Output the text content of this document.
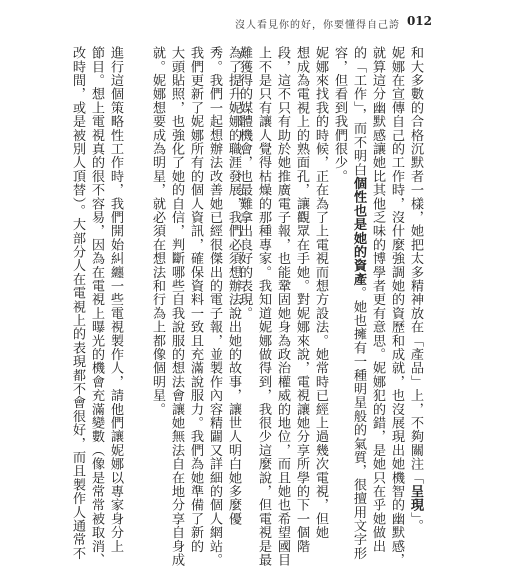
沒人看見你的好，你要懂得自己誇 012
和大多數的合格沉默者一樣，她把太多精神放在「產品」上，不夠關注「呈現」。
妮娜在宣傳自己的工作時，沒什麼強調她的資歷和成就，也沒展現出她機智的幽默感，
就算這分幽默感讓她比其他乏味的博學者更有意思。妮娜犯的錯，是她只在乎她做出
的「工作」，而不明白個性也是她的資產。她也擁有一種明星般的氣質，很擅用文字形
容，但看到我們很少。
妮娜來找我的時候，正在為了上電視而想方設法。她常時已經上過幾次電視，但她
想成為電視上的熟面孔，讓觀眾在手她。對妮娜來說，電視讓她分享所學的下一個階
段，這不只有助於她推廣電子報，也能鞏固她身為政治權威的地位，而且她也希望國目
上不是只有讓人覺得枯燥的那種專家。我知道妮娜做得到，我很少這麼說，但電視是最
難獲得的媒體機會，也最難拿出良好的表現。
為了提升妮娜的職涯發展，我們必須想辦法說出她的故事，讓世人明白她多麼優
秀。我們一起想辦法改善她已經很傑出的電子報，並製作內容精闢又詳細的個人網站。
我們更新了妮娜所有的個人資訊，確保資料一致且充滿說服力。我們為她準備了新的
大頭貼照，也強化了她的自信，判斷哪些自我說服的想法會讓她無法自在地分享自身成
就。妮娜想要成為明星，就必須在想法和行為上都像個明星。
進行這個策略性工作時，我們開始糾纏一些電視製作人，請他們讓妮娜以專家身分上
節目。想上電視真的很不容易，因為在電視上曝光的機會充滿變數（像是常常被取消、
改時間，或是被別人頂替）。大部分人在電視上的表現都不會很好，而且製作人通常不
